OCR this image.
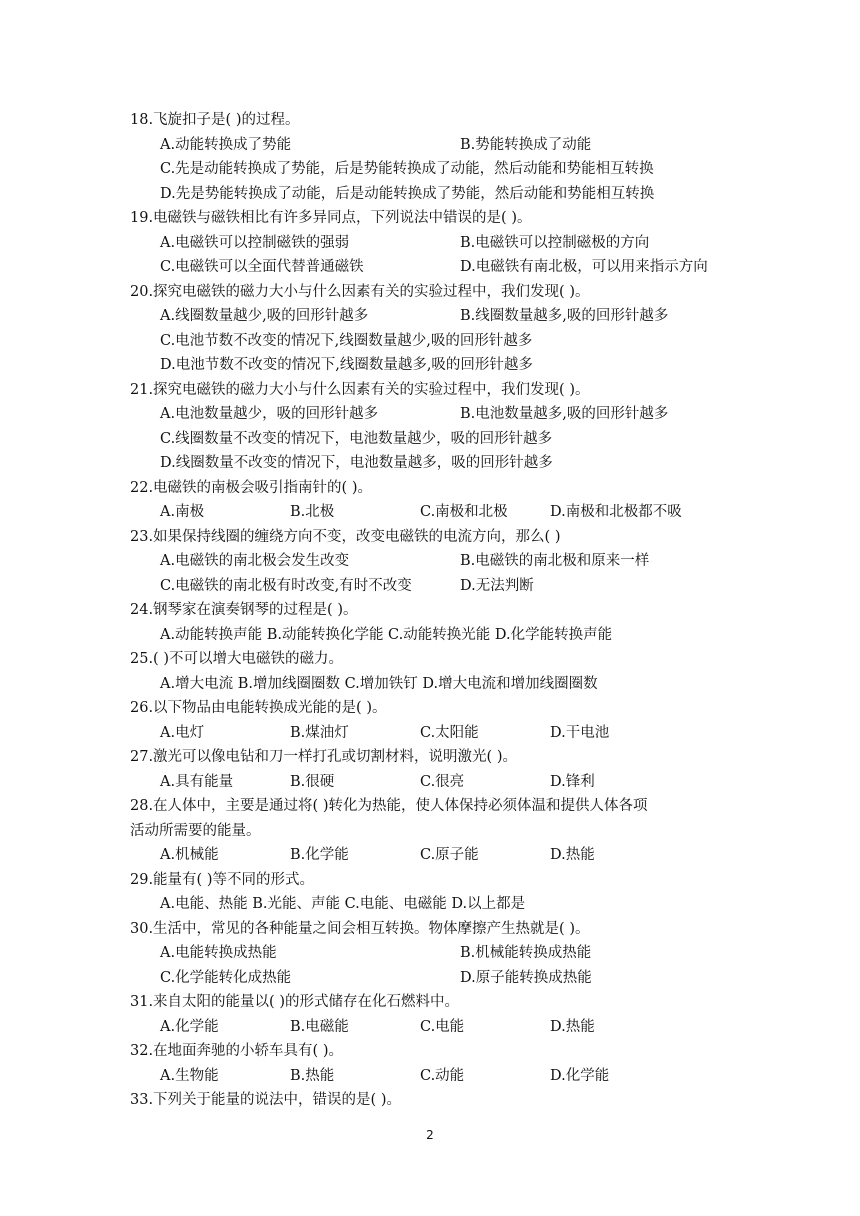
18.飞旋扣子是( )的过程。
A.动能转换成了势能	B.势能转换成了动能
C.先是动能转换成了势能，后是势能转换成了动能，然后动能和势能相互转换
D.先是势能转换成了动能，后是动能转换成了势能，然后动能和势能相互转换
19.电磁铁与磁铁相比有许多异同点，下列说法中错误的是( )。
A.电磁铁可以控制磁铁的强弱	B.电磁铁可以控制磁极的方向
C.电磁铁可以全面代替普通磁铁	D.电磁铁有南北极，可以用来指示方向
20.探究电磁铁的磁力大小与什么因素有关的实验过程中，我们发现( )。
A.线圈数量越少,吸的回形针越多	B.线圈数量越多,吸的回形针越多
C.电池节数不改变的情况下,线圈数量越少,吸的回形针越多
D.电池节数不改变的情况下,线圈数量越多,吸的回形针越多
21.探究电磁铁的磁力大小与什么因素有关的实验过程中，我们发现( )。
A.电池数量越少，吸的回形针越多	B.电池数量越多,吸的回形针越多
C.线圈数量不改变的情况下，电池数量越少，吸的回形针越多
D.线圈数量不改变的情况下，电池数量越多，吸的回形针越多
22.电磁铁的南极会吸引指南针的( )。
A.南极	B.北极	C.南极和北极	D.南极和北极都不吸
23.如果保持线圈的缠绕方向不变，改变电磁铁的电流方向，那么( )
A.电磁铁的南北极会发生改变	B.电磁铁的南北极和原来一样
C.电磁铁的南北极有时改变,有时不改变	D.无法判断
24.钢琴家在演奏钢琴的过程是( )。
A.动能转换声能 B.动能转换化学能 C.动能转换光能 D.化学能转换声能
25.( )不可以增大电磁铁的磁力。
A.增大电流 B.增加线圈圈数 C.增加铁钉 D.增大电流和增加线圈圈数
26.以下物品由电能转换成光能的是( )。
A.电灯	B.煤油灯	C.太阳能	D.干电池
27.激光可以像电钻和刀一样打孔或切割材料，说明激光( )。
A.具有能量	B.很硬	C.很亮	D.锋利
28.在人体中，主要是通过将( )转化为热能，使人体保持必须体温和提供人体各项
活动所需要的能量。
A.机械能	B.化学能	C.原子能	D.热能
29.能量有( )等不同的形式。
A.电能、热能 B.光能、声能 C.电能、电磁能 D.以上都是
30.生活中，常见的各种能量之间会相互转换。物体摩擦产生热就是( )。
A.电能转换成热能	B.机械能转换成热能
C.化学能转化成热能	D.原子能转换成热能
31.来自太阳的能量以( )的形式储存在化石燃料中。
A.化学能	B.电磁能	C.电能	D.热能
32.在地面奔驰的小轿车具有( )。
A.生物能	B.热能	C.动能	D.化学能
33.下列关于能量的说法中，错误的是( )。
2
